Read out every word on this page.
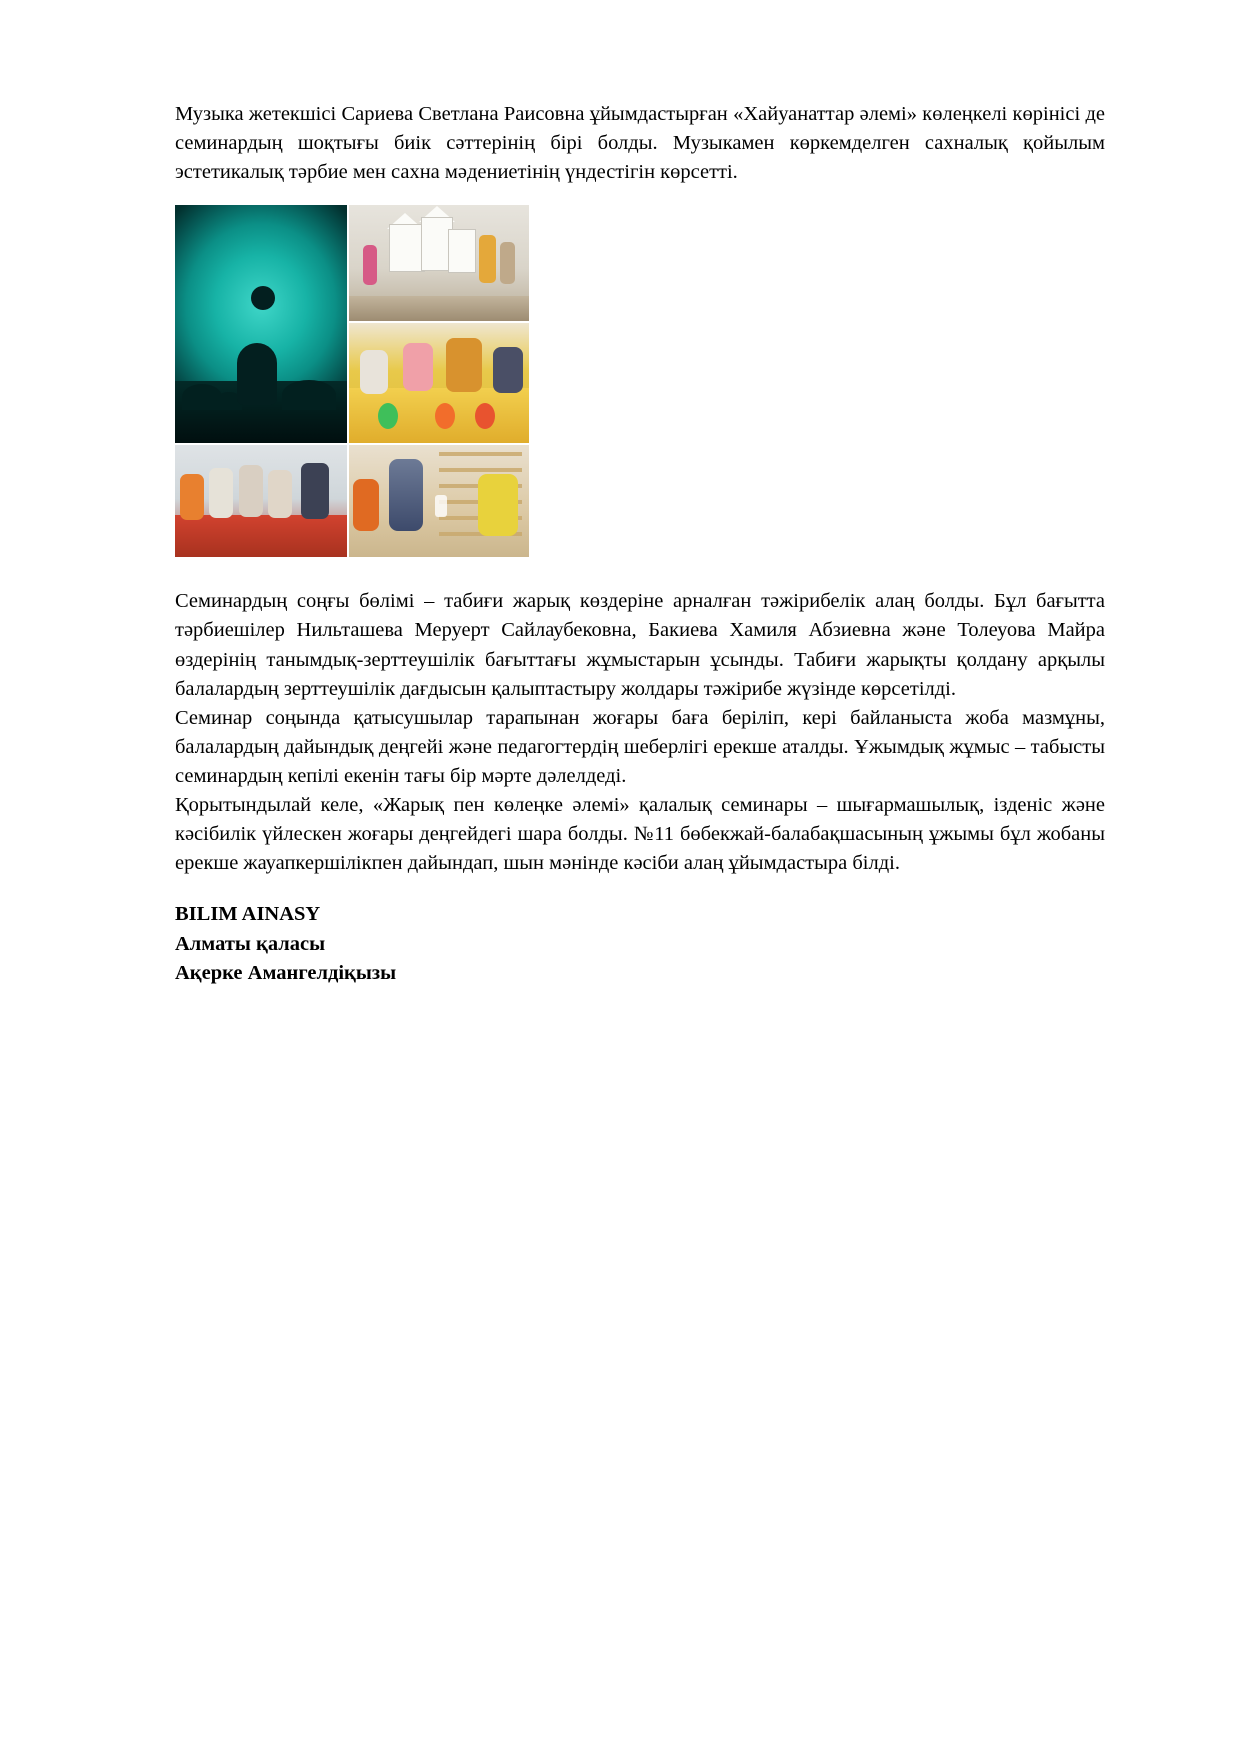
Музыка жетекшісі Сариева Светлана Раисовна ұйымдастырған «Хайуанаттар әлемі» көлеңкелі көрінісі де семинардың шоқтығы биік сәттерінің бірі болды. Музыкамен көркемделген сахналық қойылым эстетикалық тәрбие мен сахна мәдениетінің үндестігін көрсетті.

Семинардың соңғы бөлімі – табиғи жарық көздеріне арналған тәжірибелік алаң болды. Бұл бағытта тәрбиешілер Нильташева Меруерт Сайлаубековна, Бакиева Хамиля Абзиевна және Толеуова Майра өздерінің танымдық-зерттеушілік бағыттағы жұмыстарын ұсынды. Табиғи жарықты қолдану арқылы балалардың зерттеушілік дағдысын қалыптастыру жолдары тәжірибе жүзінде көрсетілді.

Семинар соңында қатысушылар тарапынан жоғары баға беріліп, кері байланыста жоба мазмұны, балалардың дайындық деңгейі және педагогтердің шеберлігі ерекше аталды. Ұжымдық жұмыс – табысты семинардың кепілі екенін тағы бір мәрте дәлелдеді.

Қорытындылай келе, «Жарық пен көлеңке әлемі» қалалық семинары – шығармашылық, ізденіс және кәсібилік үйлескен жоғары деңгейдегі шара болды. №11 бөбекжай-балабақшасының ұжымы бұл жобаны ерекше жауапкершілікпен дайындап, шын мәнінде кәсіби алаң ұйымдастыра білді.

BILIM AINASY
Алматы қаласы
Ақерке Амангелдіқызы
